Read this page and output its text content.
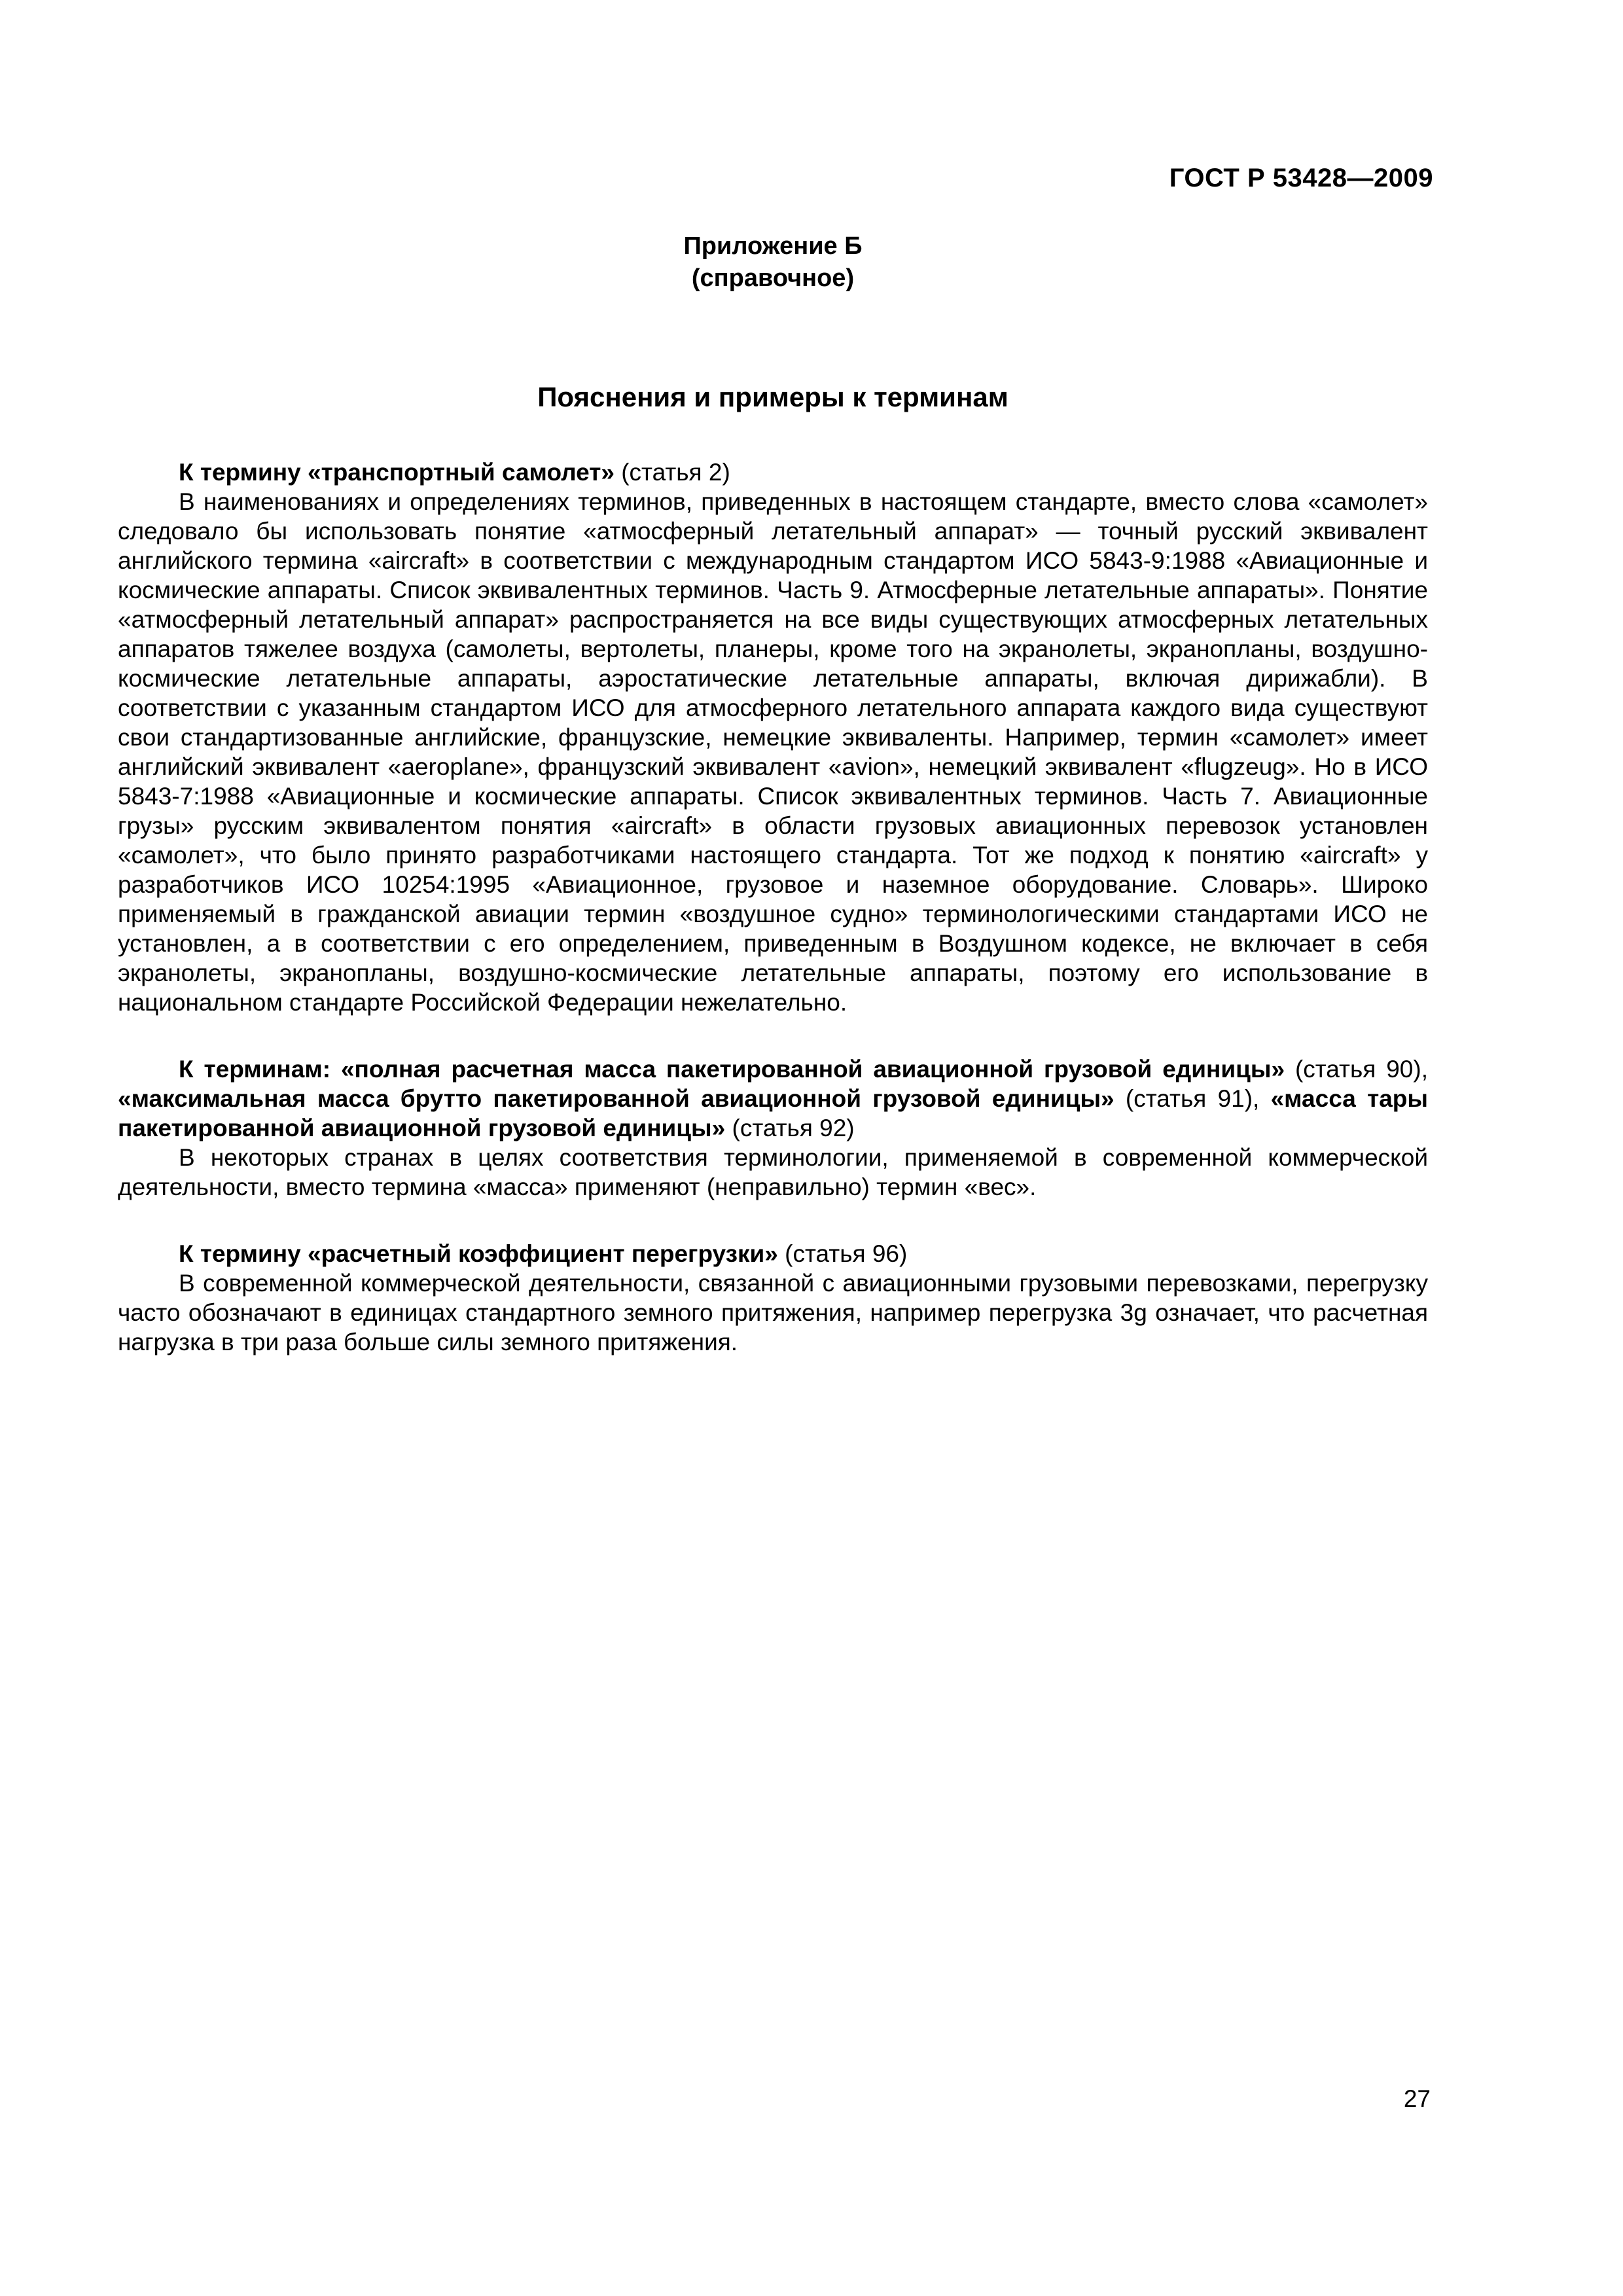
ГОСТ Р 53428—2009
Приложение Б
(справочное)
Пояснения и примеры к терминам

К термину «транспортный самолет» (статья 2)

В наименованиях и определениях терминов, приведенных в настоящем стандарте, вместо слова «самолет» следовало бы использовать понятие «атмосферный летательный аппарат» — точный русский эквивалент английского термина «aircraft» в соответствии с международным стандартом ИСО 5843-9:1988 «Авиационные и космические аппараты. Список эквивалентных терминов. Часть 9. Атмосферные летательные аппараты». Понятие «атмосферный летательный аппарат» распространяется на все виды существующих атмосферных летательных аппаратов тяжелее воздуха (самолеты, вертолеты, планеры, кроме того на экранолеты, экранопланы, воздушно-космические летательные аппараты, аэростатические летательные аппараты, включая дирижабли). В соответствии с указанным стандартом ИСО для атмосферного летательного аппарата каждого вида существуют свои стандартизованные английские, французские, немецкие эквиваленты. Например, термин «самолет» имеет английский эквивалент «aeroplane», французский эквивалент «avion», немецкий эквивалент «flugzeug». Но в ИСО 5843-7:1988 «Авиационные и космические аппараты. Список эквивалентных терминов. Часть 7. Авиационные грузы» русским эквивалентом понятия «aircraft» в области грузовых авиационных перевозок установлен «самолет», что было принято разработчиками настоящего стандарта. Тот же подход к понятию «aircraft» у разработчиков ИСО 10254:1995 «Авиационное, грузовое и наземное оборудование. Словарь». Широко применяемый в гражданской авиации термин «воздушное судно» терминологическими стандартами ИСО не установлен, а в соответствии с его определением, приведенным в Воздушном кодексе, не включает в себя экранолеты, экранопланы, воздушно-космические летательные аппараты, поэтому его использование в национальном стандарте Российской Федерации нежелательно.

К терминам: «полная расчетная масса пакетированной авиационной грузовой единицы» (статья 90), «максимальная масса брутто пакетированной авиационной грузовой единицы» (статья 91), «масса тары пакетированной авиационной грузовой единицы» (статья 92)

В некоторых странах в целях соответствия терминологии, применяемой в современной коммерческой деятельности, вместо термина «масса» применяют (неправильно) термин «вес».

К термину «расчетный коэффициент перегрузки» (статья 96)

В современной коммерческой деятельности, связанной с авиационными грузовыми перевозками, перегрузку часто обозначают в единицах стандартного земного притяжения, например перегрузка 3g означает, что расчетная нагрузка в три раза больше силы земного притяжения.

27
